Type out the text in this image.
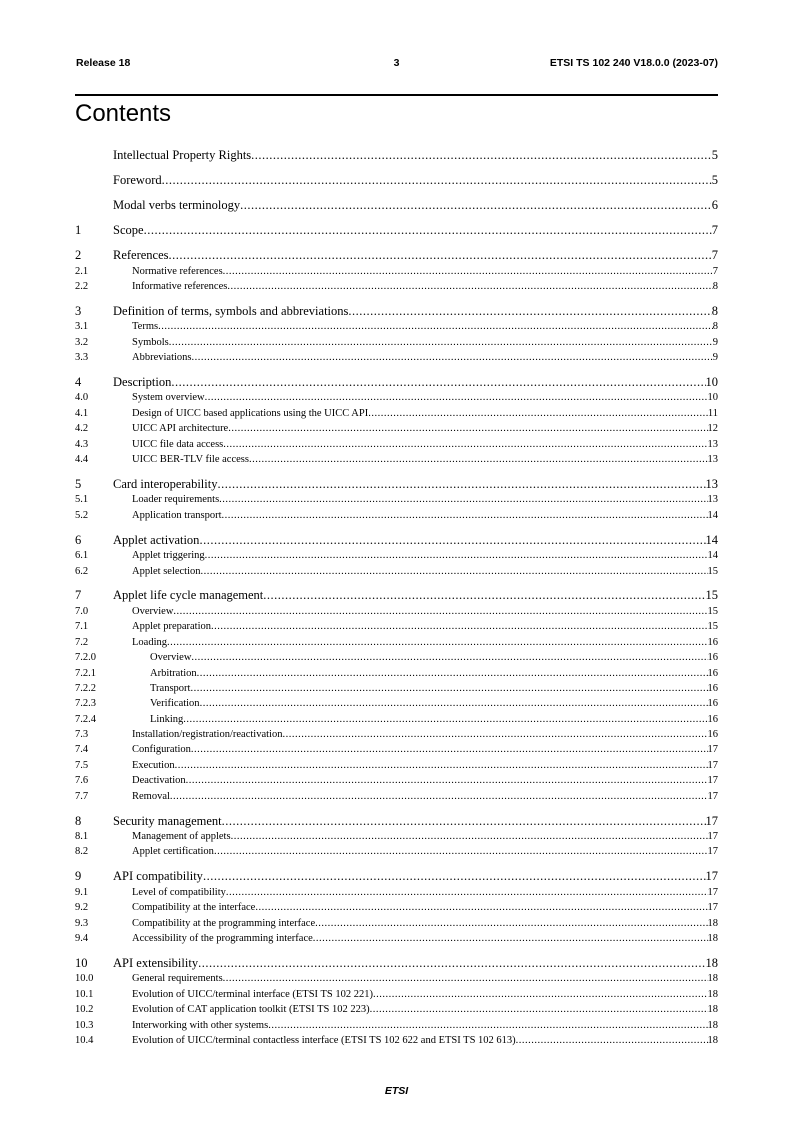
Release 18	3	ETSI TS 102 240 V18.0.0 (2023-07)
Contents
Intellectual Property Rights .....	5
Foreword .....	5
Modal verbs terminology .....	6
1	Scope .....	7
2	References .....	7
2.1	Normative references .....	7
2.2	Informative references .....	8
3	Definition of terms, symbols and abbreviations .....	8
3.1	Terms .....	8
3.2	Symbols .....	9
3.3	Abbreviations .....	9
4	Description .....	10
4.0	System overview .....	10
4.1	Design of UICC based applications using the UICC API .....	11
4.2	UICC API architecture .....	12
4.3	UICC file data access .....	13
4.4	UICC BER-TLV file access .....	13
5	Card interoperability .....	13
5.1	Loader requirements .....	13
5.2	Application transport .....	14
6	Applet activation .....	14
6.1	Applet triggering .....	14
6.2	Applet selection .....	15
7	Applet life cycle management .....	15
7.0	Overview .....	15
7.1	Applet preparation .....	15
7.2	Loading .....	16
7.2.0	Overview .....	16
7.2.1	Arbitration .....	16
7.2.2	Transport .....	16
7.2.3	Verification .....	16
7.2.4	Linking .....	16
7.3	Installation/registration/reactivation .....	16
7.4	Configuration .....	17
7.5	Execution .....	17
7.6	Deactivation .....	17
7.7	Removal .....	17
8	Security management .....	17
8.1	Management of applets .....	17
8.2	Applet certification .....	17
9	API compatibility .....	17
9.1	Level of compatibility .....	17
9.2	Compatibility at the interface .....	17
9.3	Compatibility at the programming interface .....	18
9.4	Accessibility of the programming interface .....	18
10	API extensibility .....	18
10.0	General requirements .....	18
10.1	Evolution of UICC/terminal interface (ETSI TS 102 221) .....	18
10.2	Evolution of CAT application toolkit (ETSI TS 102 223) .....	18
10.3	Interworking with other systems .....	18
10.4	Evolution of UICC/terminal contactless interface (ETSI TS 102 622 and ETSI TS 102 613) .....	18
ETSI
